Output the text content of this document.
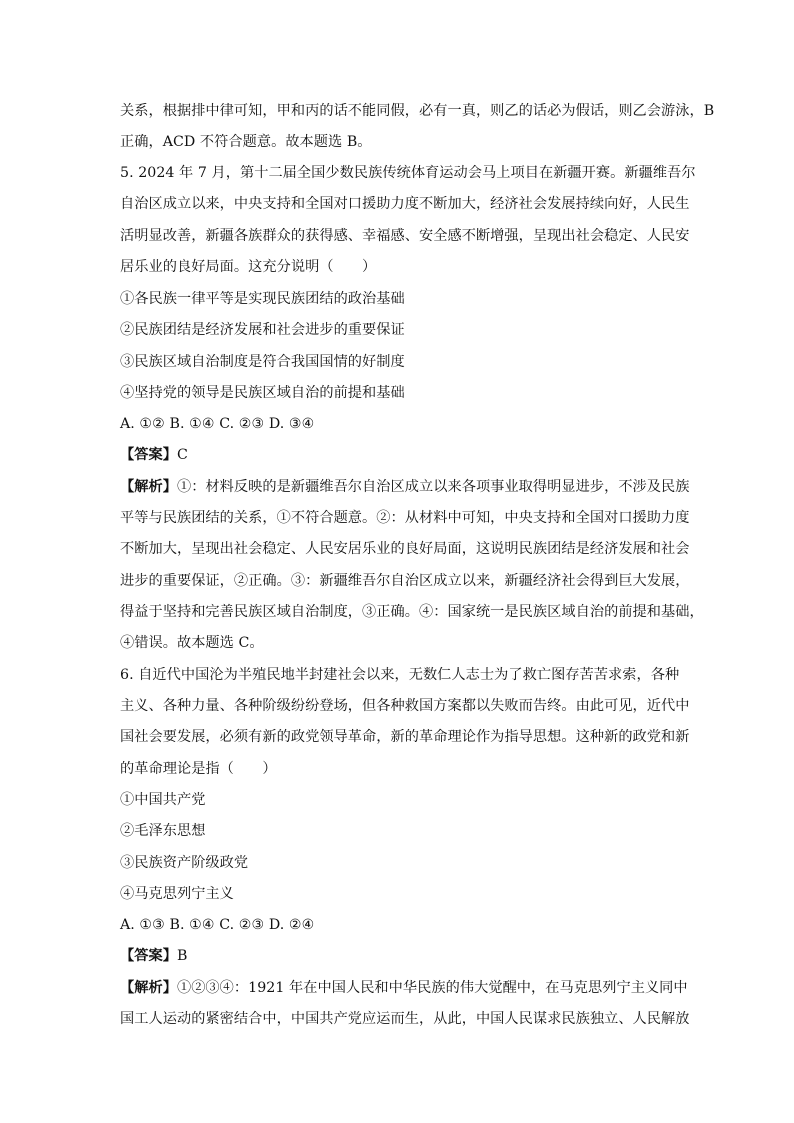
关系，根据排中律可知，甲和丙的话不能同假，必有一真，则乙的话必为假话，则乙会游泳，B
正确，ACD 不符合题意。故本题选 B。
5. 2024 年 7 月，第十二届全国少数民族传统体育运动会马上项目在新疆开赛。新疆维吾尔
自治区成立以来，中央支持和全国对口援助力度不断加大，经济社会发展持续向好，人民生
活明显改善，新疆各族群众的获得感、幸福感、安全感不断增强，呈现出社会稳定、人民安
居乐业的良好局面。这充分说明（　　）
①各民族一律平等是实现民族团结的政治基础
②民族团结是经济发展和社会进步的重要保证
③民族区域自治制度是符合我国国情的好制度
④坚持党的领导是民族区域自治的前提和基础
A. ①② B. ①④ C. ②③ D. ③④
【答案】C
【解析】①：材料反映的是新疆维吾尔自治区成立以来各项事业取得明显进步，不涉及民族
平等与民族团结的关系，①不符合题意。②：从材料中可知，中央支持和全国对口援助力度
不断加大，呈现出社会稳定、人民安居乐业的良好局面，这说明民族团结是经济发展和社会
进步的重要保证，②正确。③：新疆维吾尔自治区成立以来，新疆经济社会得到巨大发展，
得益于坚持和完善民族区域自治制度，③正确。④：国家统一是民族区域自治的前提和基础，
④错误。故本题选 C。
6. 自近代中国沦为半殖民地半封建社会以来，无数仁人志士为了救亡图存苦苦求索，各种
主义、各种力量、各种阶级纷纷登场，但各种救国方案都以失败而告终。由此可见，近代中
国社会要发展，必须有新的政党领导革命，新的革命理论作为指导思想。这种新的政党和新
的革命理论是指（　　）
①中国共产党
②毛泽东思想
③民族资产阶级政党
④马克思列宁主义
A. ①③ B. ①④ C. ②③ D. ②④
【答案】B
【解析】①②③④：1921 年在中国人民和中华民族的伟大觉醒中，在马克思列宁主义同中
国工人运动的紧密结合中，中国共产党应运而生，从此，中国人民谋求民族独立、人民解放
